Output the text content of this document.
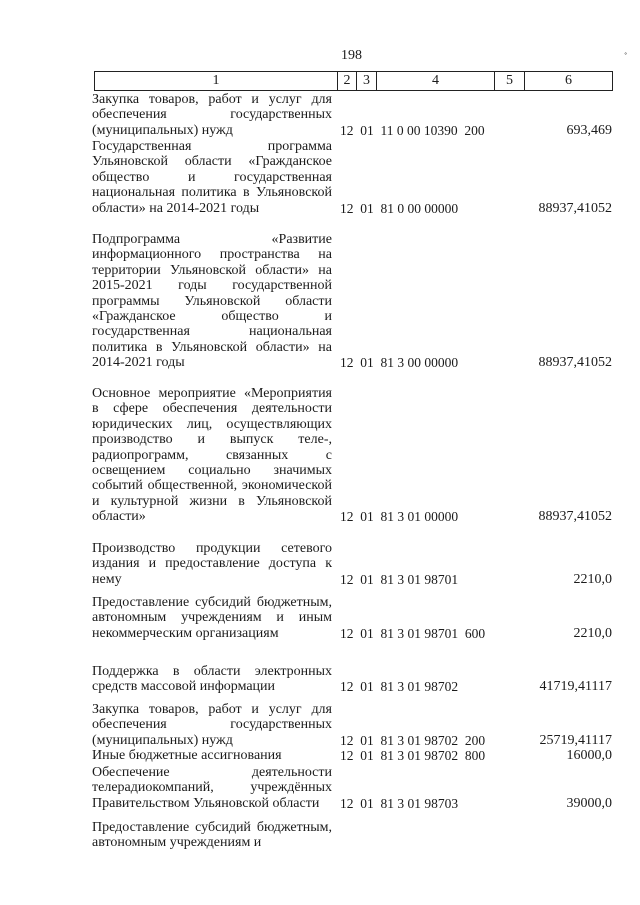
198
1	2 3	4	5	6
Закупка товаров, работ и услуг для обеспечения государственных (муниципальных) нужд	12  01  11 0 00 10390  200	693,469
Государственная программа Ульяновской области «Гражданское общество и государственная национальная политика в Ульяновской области» на 2014-2021 годы	12  01  81 0 00 00000	88937,41052
Подпрограмма «Развитие информационного пространства на территории Ульяновской области» на 2015-2021 годы государственной программы Ульяновской области «Гражданское общество и государственная национальная политика в Ульяновской области» на 2014-2021 годы	12  01  81 3 00 00000	88937,41052
Основное мероприятие «Мероприятия в сфере обеспечения деятельности юридических лиц, осуществляющих производство и выпуск теле-, радиопрограмм, связанных с освещением социально значимых событий общественной, экономической и культурной жизни в Ульяновской области»	12  01  81 3 01 00000	88937,41052
Производство продукции сетевого издания и предоставление доступа к нему	12  01  81 3 01 98701	2210,0
Предоставление субсидий бюджетным, автономным учреждениям и иным некоммерческим организациям	12  01  81 3 01 98701  600	2210,0
Поддержка в области электронных средств массовой информации	12  01  81 3 01 98702	41719,41117
Закупка товаров, работ и услуг для обеспечения государственных (муниципальных) нужд	12  01  81 3 01 98702  200	25719,41117
Иные бюджетные ассигнования	12  01  81 3 01 98702  800	16000,0
Обеспечение деятельности телерадиокомпаний, учреждённых Правительством Ульяновской области	12  01  81 3 01 98703	39000,0
Предоставление субсидий бюджетным, автономным учреждениям и
˳
